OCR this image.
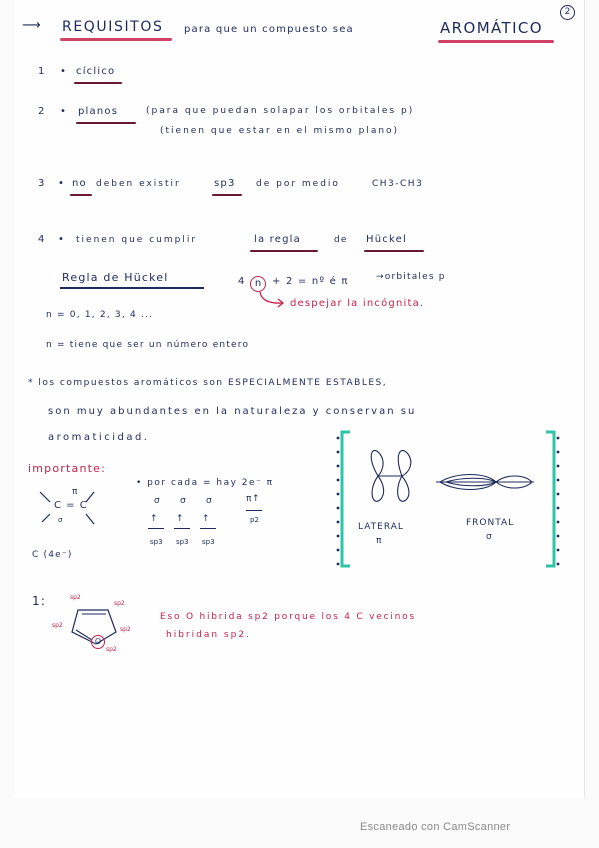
⟶ REQUISITOS para que un compuesto sea	AROMÁTICO
2
1 • cíclico
2 • planos	(para que puedan solapar los orbitales p)
(tienen que estar en el mismo plano)
3 • no deben existir	sp3 de por medio	CH3-CH3
4 • tienen que cumplir	la regla	de Hückel
Regla de Hückel	4 n	+ 2 = nº é π	→orbitales p
despejar la incógnita.
n = 0, 1, 2, 3, 4 ...
n = tiene que ser un número entero
* los compuestos aromáticos son ESPECIALMENTE ESTABLES,
son muy abundantes en la naturaleza y conservan su
aromaticidad.
importante:
C = C
π
σ
C (4e⁻)
• por cada = hay 2e⁻ π
σ σ σ	π
↑ ↑ ↑
↑
sp3 sp3 sp3
p2
LATERAL
π
FRONTAL
σ
1:
O
sp2
sp2
sp2
sp2
sp2
Eso O hibrida sp2 porque los 4 C vecinos
hibridan sp2.
Escaneado con CamScanner
